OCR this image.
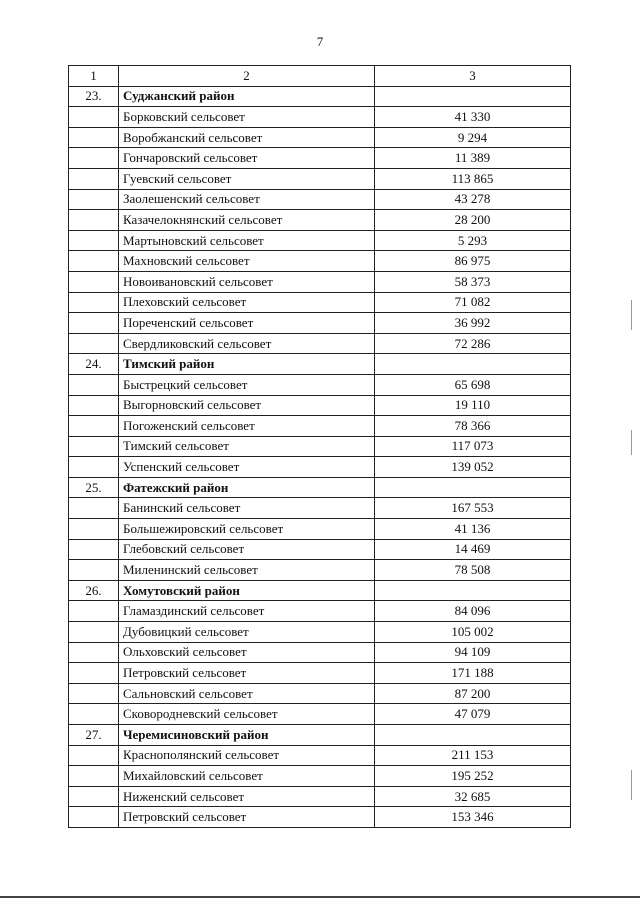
7
1	2	3
23.	Суджанский район	
	Борковский сельсовет	41 330
	Воробжанский сельсовет	9 294
	Гончаровский сельсовет	11 389
	Гуевский сельсовет	113 865
	Заолешенский сельсовет	43 278
	Казачелокнянский сельсовет	28 200
	Мартыновский сельсовет	5 293
	Махновский сельсовет	86 975
	Новоивановский сельсовет	58 373
	Плеховский сельсовет	71 082
	Пореченский сельсовет	36 992
	Свердликовский сельсовет	72 286
24.	Тимский район	
	Быстрецкий сельсовет	65 698
	Выгорновский сельсовет	19 110
	Погоженский сельсовет	78 366
	Тимский сельсовет	117 073
	Успенский сельсовет	139 052
25.	Фатежский район	
	Банинский сельсовет	167 553
	Большежировский сельсовет	41 136
	Глебовский сельсовет	14 469
	Миленинский сельсовет	78 508
26.	Хомутовский район	
	Гламаздинский сельсовет	84 096
	Дубовицкий сельсовет	105 002
	Ольховский сельсовет	94 109
	Петровский сельсовет	171 188
	Сальновский сельсовет	87 200
	Сковородневский сельсовет	47 079
27.	Черемисиновский район	
	Краснополянский сельсовет	211 153
	Михайловский сельсовет	195 252
	Ниженский сельсовет	32 685
	Петровский сельсовет	153 346
